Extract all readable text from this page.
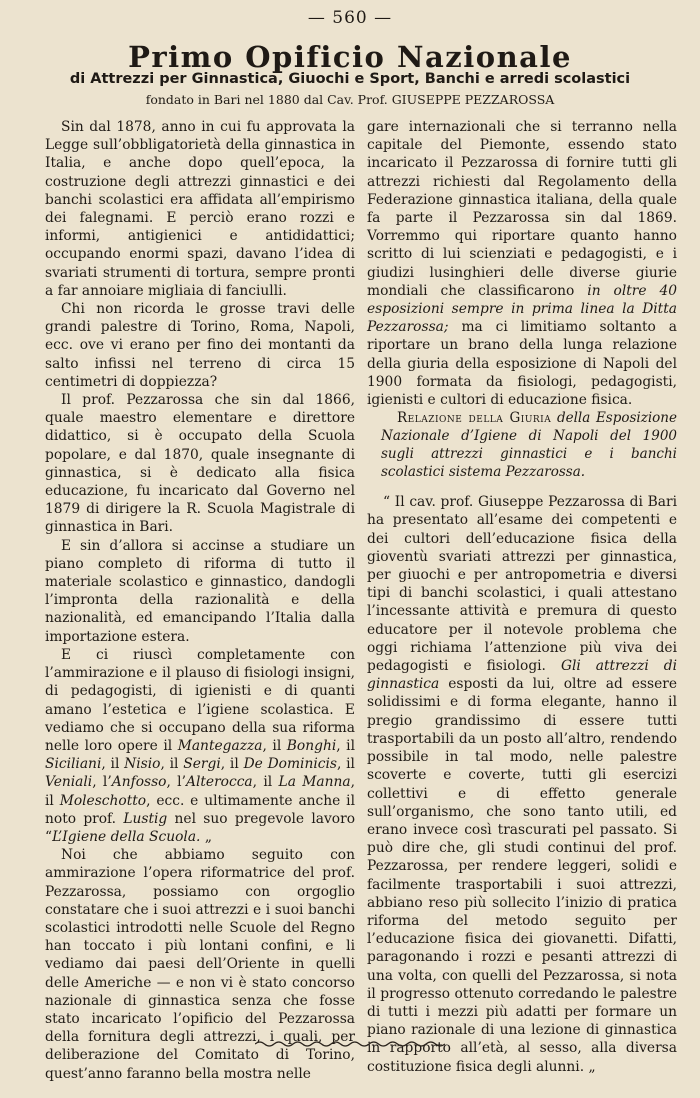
— 560 —
Primo Opificio Nazionale
di Attrezzi per Ginnastica, Giuochi e Sport, Banchi e arredi scolastici
fondato in Bari nel 1880 dal Cav. Prof. GIUSEPPE PEZZAROSSA

Sin dal 1878, anno in cui fu approvata la Legge sull’obbligatorietà della ginnastica in Italia, e anche dopo quell’epoca, la costruzione degli attrezzi ginnastici e dei banchi scolastici era affidata all’empirismo dei falegnami. E perciò erano rozzi e informi, antigienici e antididattici; occupando enormi spazi, davano l’idea di svariati strumenti di tortura, sempre pronti a far annoiare migliaia di fanciulli.

Chi non ricorda le grosse travi delle grandi palestre di Torino, Roma, Napoli, ecc. ove vi erano per fino dei montanti da salto infissi nel terreno di circa 15 centimetri di doppiezza?

Il prof. Pezzarossa che sin dal 1866, quale maestro elementare e direttore didattico, si è occupato della Scuola popolare, e dal 1870, quale insegnante di ginnastica, si è dedicato alla fisica educazione, fu incaricato dal Governo nel 1879 di dirigere la R. Scuola Magistrale di ginnastica in Bari.

E sin d’allora si accinse a studiare un piano completo di riforma di tutto il materiale scolastico e ginnastico, dandogli l’impronta della razionalità e della nazionalità, ed emancipando l’Italia dalla importazione estera.

E ci riuscì completamente con l’ammirazione e il plauso di fisiologi insigni, di pedagogisti, di igienisti e di quanti amano l’estetica e l’igiene scolastica. E vediamo che si occupano della sua riforma nelle loro opere il Mantegazza, il Bonghi, il Siciliani, il Nisio, il Sergi, il De Dominicis, il Veniali, l’Anfosso, l’Alterocca, il La Manna, il Moleschotto, ecc. e ultimamente anche il noto prof. Lustig nel suo pregevole lavoro “L’Igiene della Scuola. „

Noi che abbiamo seguito con ammirazione l’opera riformatrice del prof. Pezzarossa, possiamo con orgoglio constatare che i suoi attrezzi e i suoi banchi scolastici introdotti nelle Scuole del Regno han toccato i più lontani confini, e li vediamo dai paesi dell’Oriente in quelli delle Americhe — e non vi è stato concorso nazionale di ginnastica senza che fosse stato incaricato l’opificio del Pezzarossa della fornitura degli attrezzi, i quali, per deliberazione del Comitato di Torino, quest’anno faranno bella mostra nelle

gare internazionali che si terranno nella capitale del Piemonte, essendo stato incaricato il Pezzarossa di fornire tutti gli attrezzi richiesti dal Regolamento della Federazione ginnastica italiana, della quale fa parte il Pezzarossa sin dal 1869. Vorremmo qui riportare quanto hanno scritto di lui scienziati e pedagogisti, e i giudizi lusinghieri delle diverse giurie mondiali che classificarono in oltre 40 esposizioni sempre in prima linea la Ditta Pezzarossa; ma ci limitiamo soltanto a riportare un brano della lunga relazione della giuria della esposizione di Napoli del 1900 formata da fisiologi, pedagogisti, igienisti e cultori di educazione fisica.

Relazione della Giuria della Esposizione Nazionale d’Igiene di Napoli del 1900 sugli attrezzi ginnastici e i banchi scolastici sistema Pezzarossa.

“ Il cav. prof. Giuseppe Pezzarossa di Bari ha presentato all’esame dei competenti e dei cultori dell’educazione fisica della gioventù svariati attrezzi per ginnastica, per giuochi e per antropometria e diversi tipi di banchi scolastici, i quali attestano l’incessante attività e premura di questo educatore per il notevole problema che oggi richiama l’attenzione più viva dei pedagogisti e fisiologi. Gli attrezzi di ginnastica esposti da lui, oltre ad essere solidissimi e di forma elegante, hanno il pregio grandissimo di essere tutti trasportabili da un posto all’altro, rendendo possibile in tal modo, nelle palestre scoverte e coverte, tutti gli esercizi collettivi e di effetto generale sull’organismo, che sono tanto utili, ed erano invece così trascurati pel passato. Si può dire che, gli studi continui del prof. Pezzarossa, per rendere leggeri, solidi e facilmente trasportabili i suoi attrezzi, abbiano reso più sollecito l’inizio di pratica riforma del metodo seguito per l’educazione fisica dei giovanetti. Difatti, paragonando i rozzi e pesanti attrezzi di una volta, con quelli del Pezzarossa, si nota il progresso ottenuto corredando le palestre di tutti i mezzi più adatti per formare un piano razionale di una lezione di ginnastica in rapporto all’età, al sesso, alla diversa costituzione fisica degli alunni. „
